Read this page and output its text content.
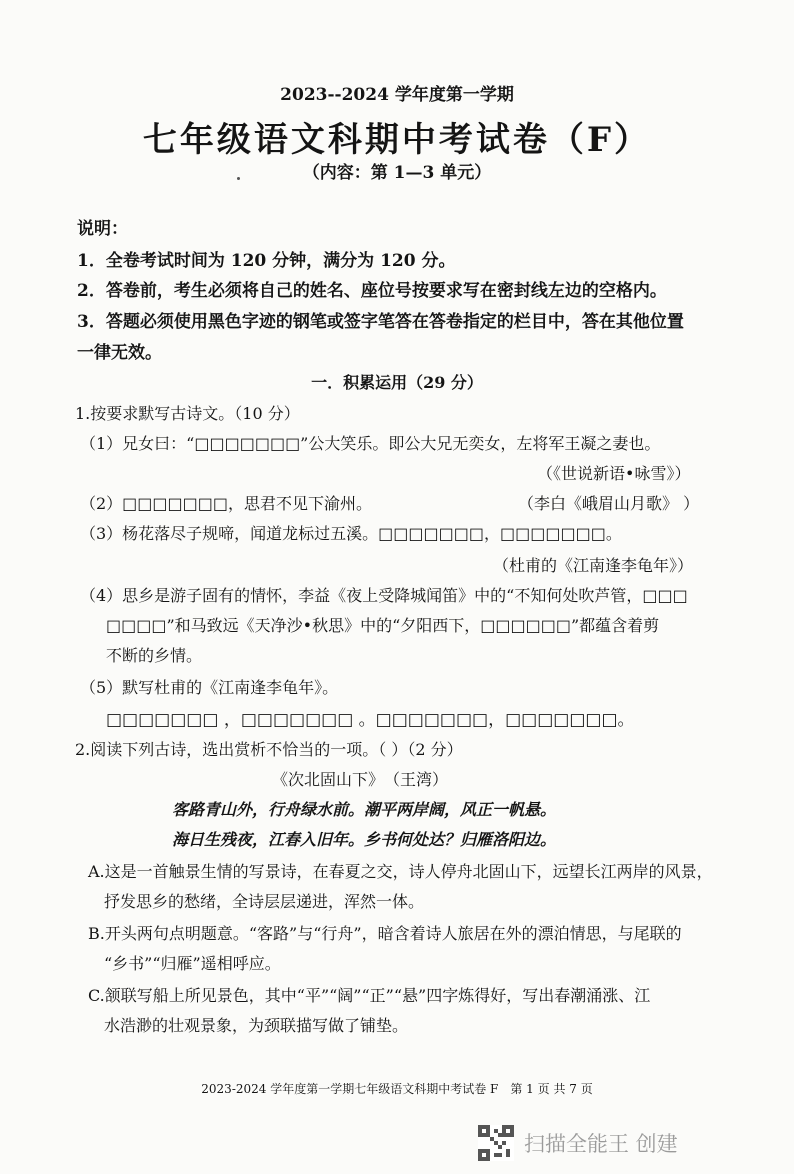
2023--2024 学年度第一学期
七年级语文科期中考试卷（F）
（内容：第 1—3 单元）
说明：
1．全卷考试时间为 120 分钟，满分为 120 分。
2．答卷前，考生必须将自己的姓名、座位号按要求写在密封线左边的空格内。
3．答题必须使用黑色字迹的钢笔或签字笔答在答卷指定的栏目中，答在其他位置
一律无效。
一．积累运用（29 分）
1.按要求默写古诗文。（10 分）
（1）兄女曰：“□□□□□□□”公大笑乐。即公大兄无奕女，左将军王凝之妻也。
（《世说新语•咏雪》）
（2）□□□□□□□，思君不见下渝州。	（李白《峨眉山月歌》 ）
（3）杨花落尽子规啼，闻道龙标过五溪。□□□□□□□，□□□□□□□。
（杜甫的《江南逢李龟年》）
（4）思乡是游子固有的情怀，李益《夜上受降城闻笛》中的“不知何处吹芦管，□□□
□□□□”和马致远《天净沙•秋思》中的“夕阳西下，□□□□□□”都蕴含着剪
不断的乡情。
（5）默写杜甫的《江南逢李龟年》。
□□□□□□□ ，□□□□□□□ 。□□□□□□□，□□□□□□□。
2.阅读下列古诗，选出赏析不恰当的一项。（ ）（2 分）
《次北固山下》　（王湾）
客路青山外，行舟绿水前。潮平两岸阔，风正一帆悬。
海日生残夜，江春入旧年。乡书何处达？归雁洛阳边。
A.这是一首触景生情的写景诗，在春夏之交，诗人停舟北固山下，远望长江两岸的风景，
抒发思乡的愁绪，全诗层层递进，浑然一体。
B.开头两句点明题意。“客路”与“行舟”，暗含着诗人旅居在外的漂泊情思，与尾联的
“乡书”“归雁”遥相呼应。
C.颔联写船上所见景色，其中“平”“阔”“正”“悬”四字炼得好，写出春潮涌涨、江
水浩渺的壮观景象，为颈联描写做了铺垫。
2023-2024 学年度第一学期七年级语文科期中考试卷 F　第 1 页 共 7 页
扫描全能王 创建
